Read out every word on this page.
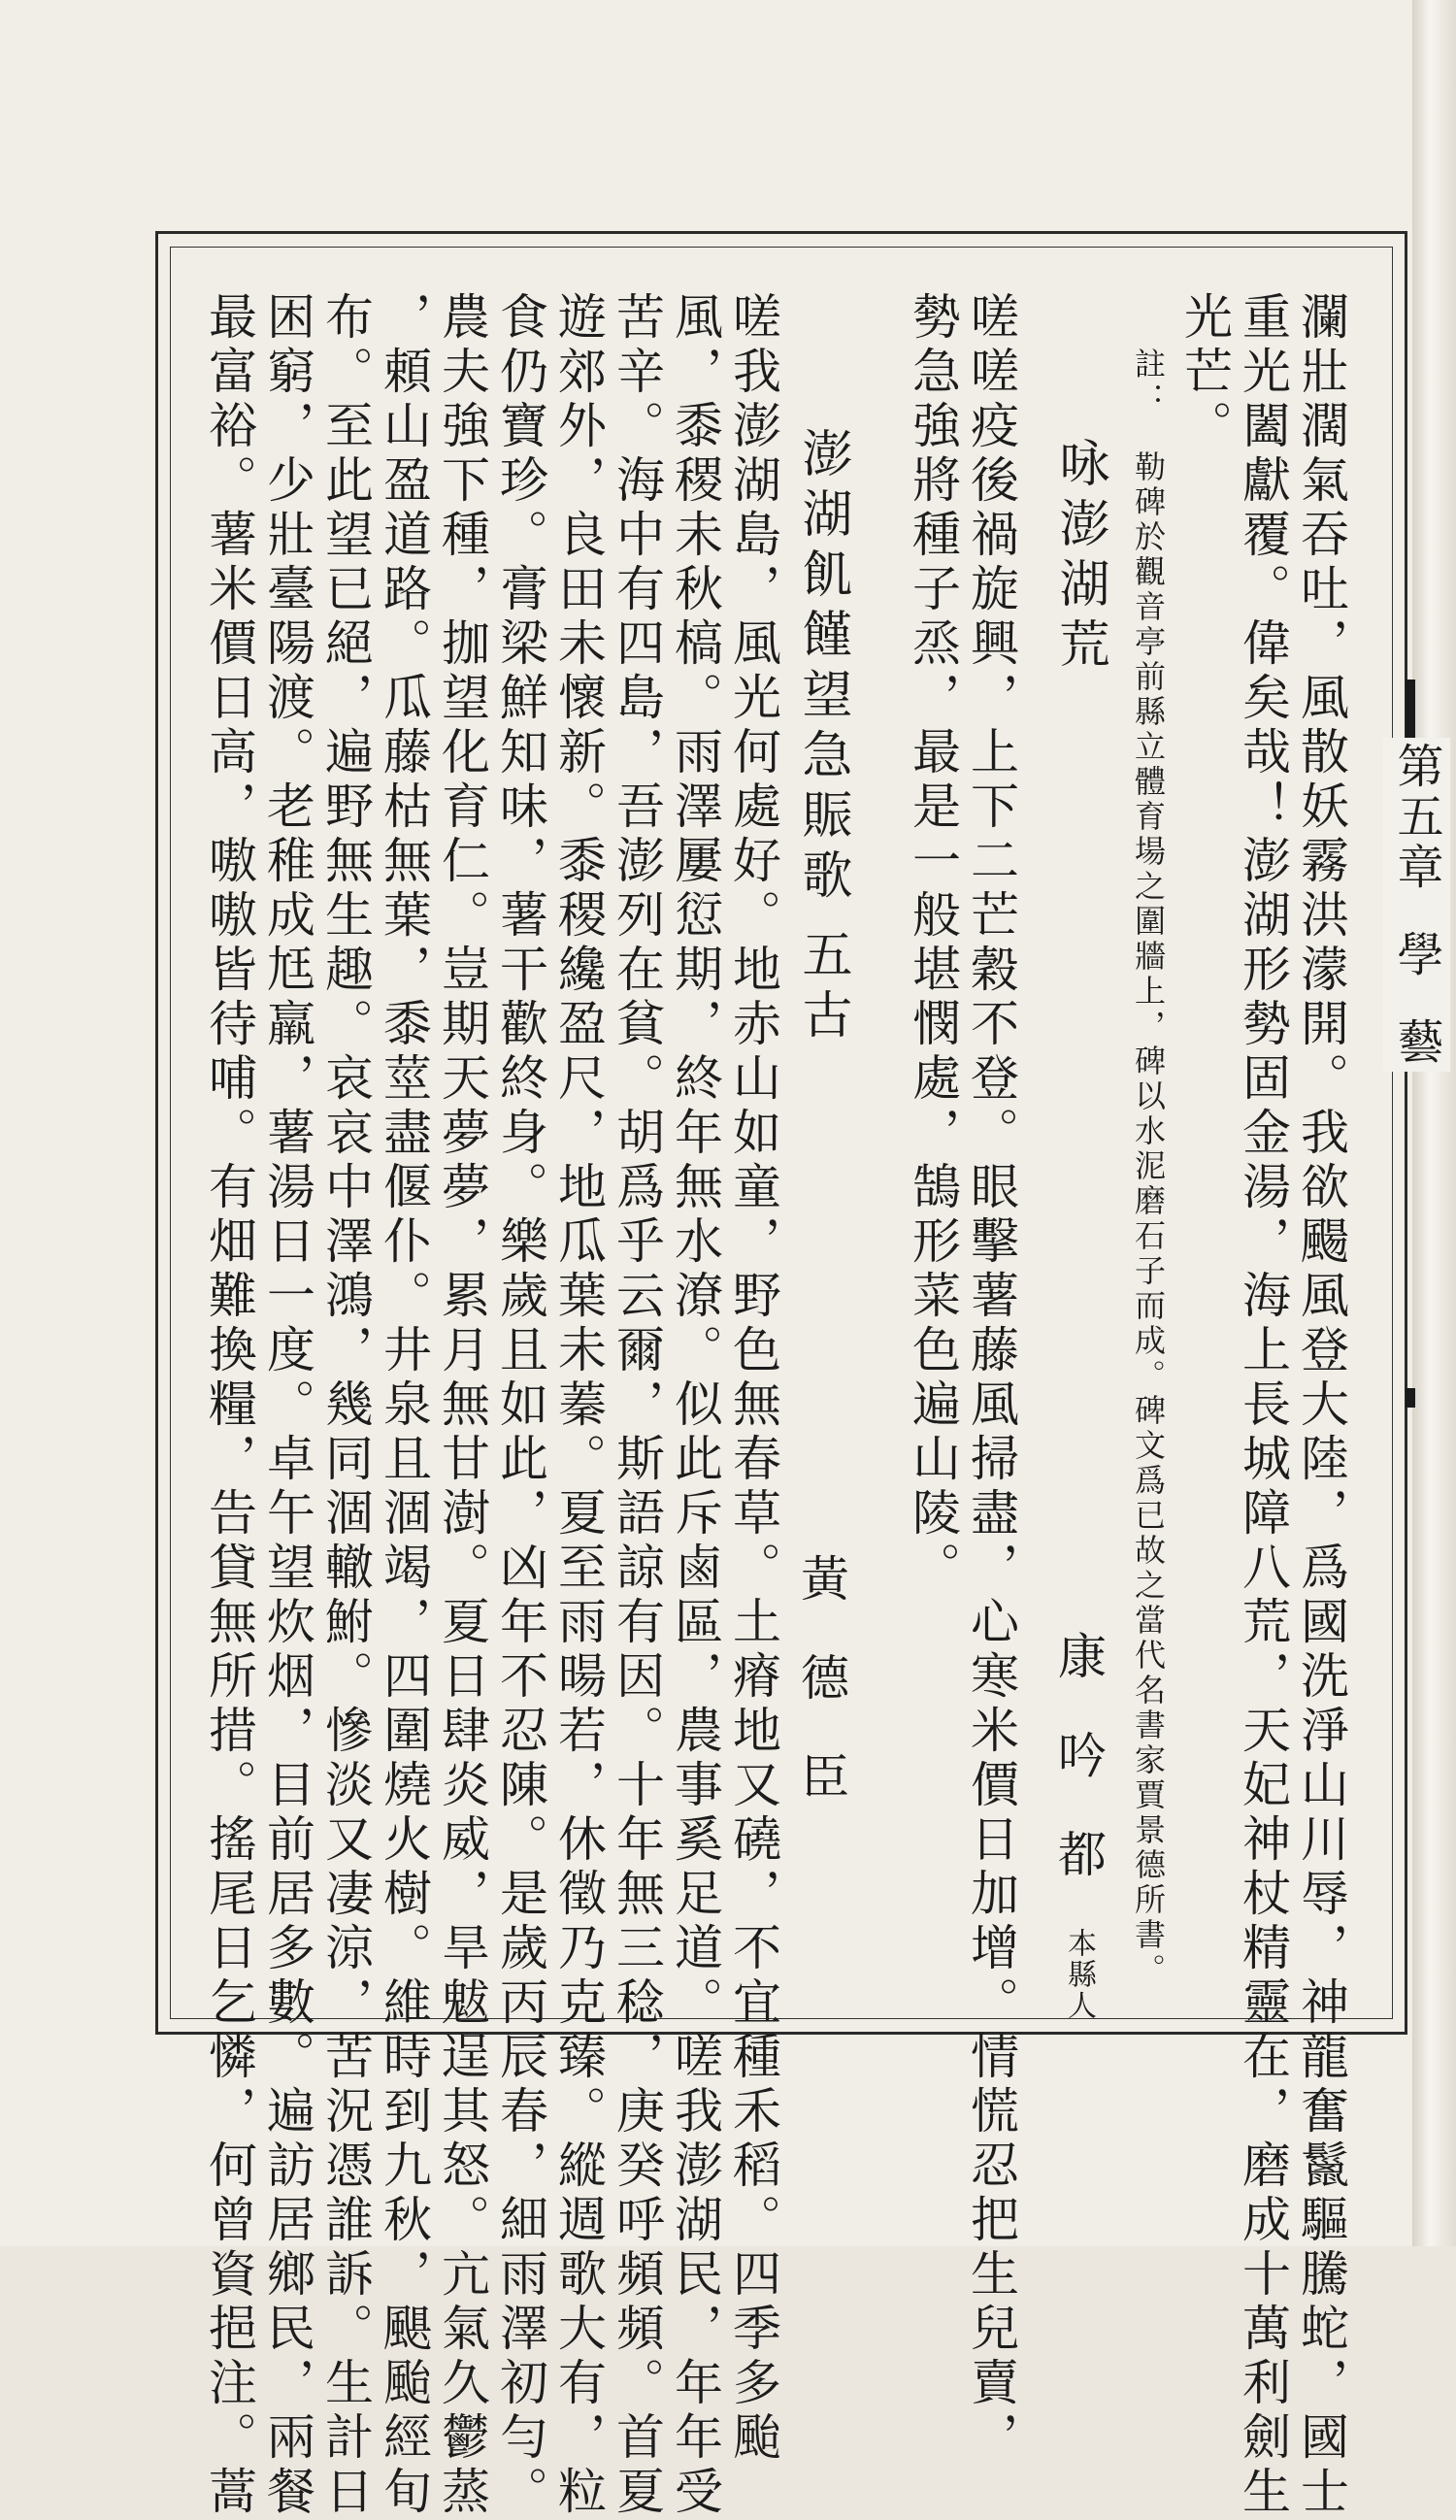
第五章學藝
瀾壯濶氣吞吐，風散妖霧洪濛開。我欲颺風登大陸，爲國洗淨山川辱，神龍奮鬣驅騰蛇，國士
重光闔獻覆。偉矣哉！澎湖形勢固金湯，海上長城障八荒，天妃神杖精靈在，磨成十萬利劍生
光芒。
註：勒碑於觀音亭前縣立體育場之圍牆上，碑以水泥磨石子而成。碑文爲已故之當代名書家賈景德所書。
咏澎湖荒
康吟都本縣人
嗟嗟疫後禍旋興，上下二芒穀不登。眼擊薯藤風掃盡，心寒米價日加增。情慌忍把生兒賣，
勢急強將種子烝，最是一般堪憫處，鵠形菜色遍山陵。
澎湖飢饉望急賑歌五古
黃德臣
嗟我澎湖島，風光何處好。地赤山如童，野色無春草。土瘠地又磽，不宜種禾稻。四季多颱
風，黍稷未秋槁。雨澤屢愆期，終年無水潦。似此斥鹵區，農事奚足道。嗟我澎湖民，年年受
苦辛。海中有四島，吾澎列在貧。胡爲乎云爾，斯語諒有因。十年無三稔，庚癸呼頻頻。首夏
遊郊外，良田未懷新。黍稷纔盈尺，地瓜葉未蓁。夏至雨暘若，休徵乃克臻。縱週歌大有，粒
食仍寶珍。膏梁鮮知味，薯干歡終身。樂歲且如此，凶年不忍陳。是歲丙辰春，細雨澤初勻。
農夫強下種，拁望化育仁。豈期天夢夢，累月無甘澍。夏日肆炎威，旱魃逞其怒。亢氣久鬱蒸
，頼山盈道路。瓜藤枯無葉，黍莖盡偃仆。井泉且涸竭，四圍燒火樹。維時到九秋，颶颱經旬
布。至此望已絕，遍野無生趣。哀哀中澤鴻，幾同涸轍鮒。慘淡又凄涼，苦況憑誰訴。生計日
困窮，少壯臺陽渡。老稚成尪羸，薯湯日一度。卓午望炊烟，目前居多數。遍訪居鄉民，兩餐
最富裕。薯米價日高，嗷嗷皆待哺。有畑難換糧，告貸無所措。搖尾日乞憐，何曾資挹注。蒿
